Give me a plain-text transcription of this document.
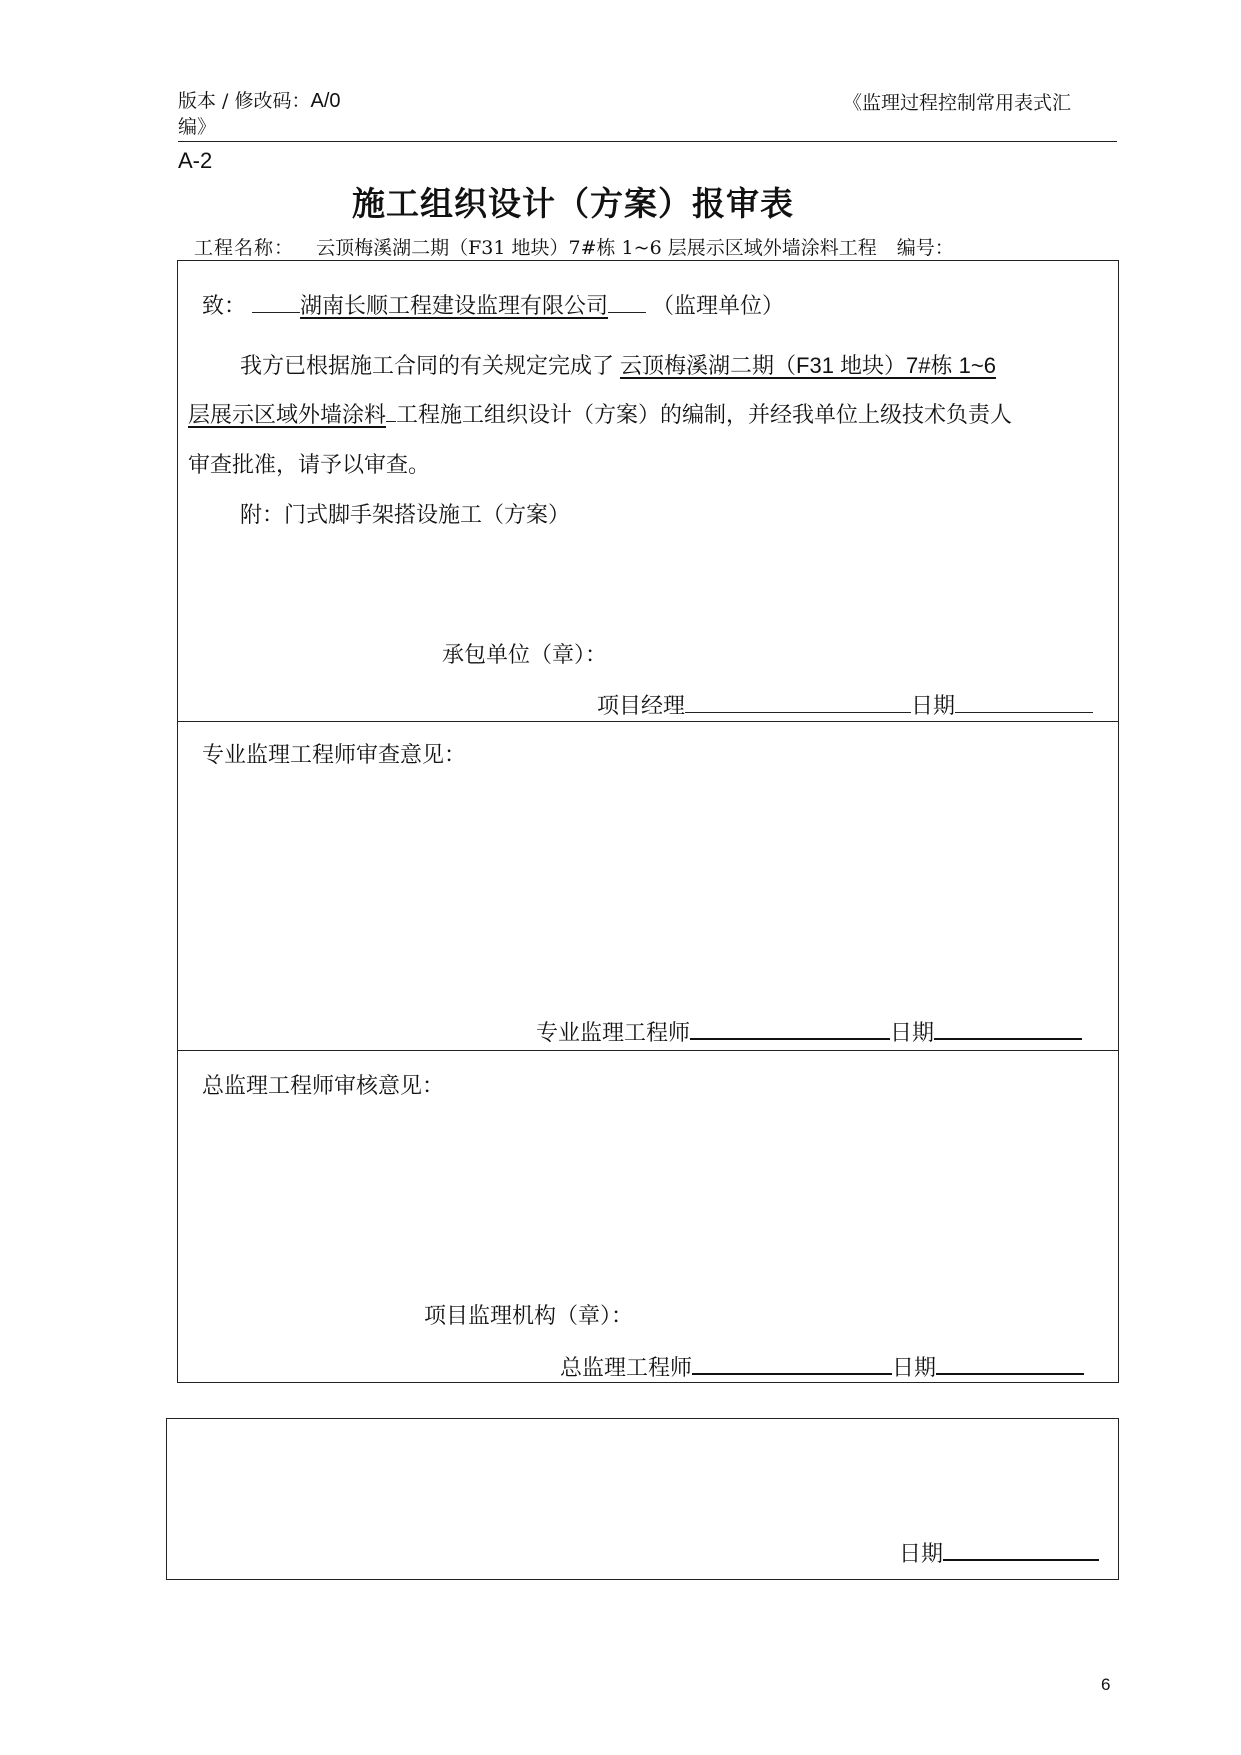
版本 / 修改码：A/0
编》
《监理过程控制常用表式汇
A-2
施工组织设计（方案）报审表
工程名称： 云顶梅溪湖二期（F31 地块）7#栋 1~6 层展示区域外墙涂料工程 编号：
致： 湖南长顺工程建设监理有限公司 （监理单位）
我方已根据施工合同的有关规定完成了 云顶梅溪湖二期（F31 地块）7#栋 1~6
层展示区域外墙涂料 工程施工组织设计（方案）的编制，并经我单位上级技术负责人
审查批准，请予以审查。
附：门式脚手架搭设施工（方案）
承包单位（章）：
项目经理	日期
专业监理工程师审查意见：
专业监理工程师	日期
总监理工程师审核意见：
项目监理机构（章）：
总监理工程师	日期
日期
6
